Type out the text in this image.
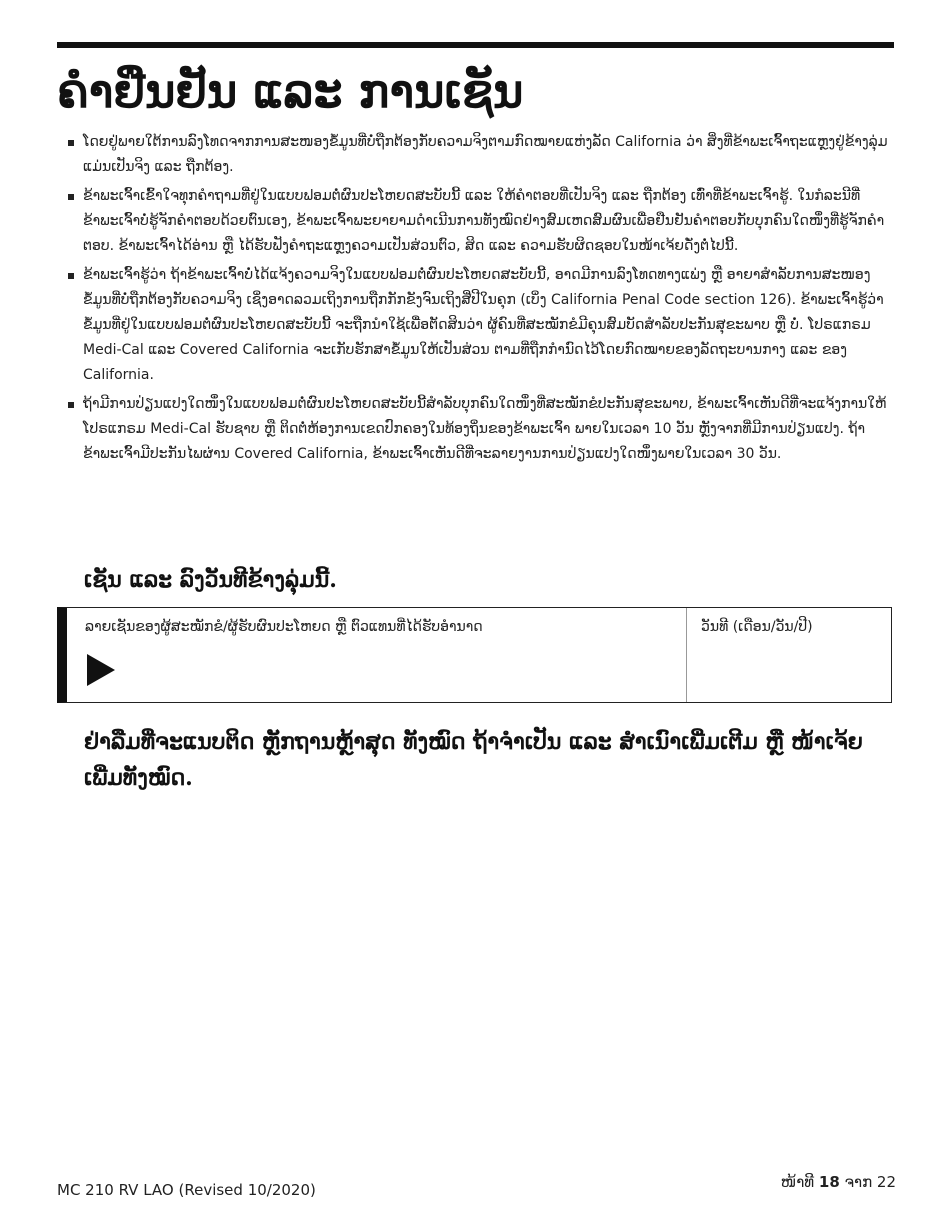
ຄຳຢືນຢັນ ແລະ ການເຊັນ
ໂດຍຢູ່ພາຍໃຕ້ການລົງໂທດຈາກການສະໜອງຂໍ້ມູນທີ່ບໍ່ຖືກຕ້ອງກັບຄວາມຈິງຕາມກົດໝາຍແຫ່ງລັດ California ວ່າ ສິ່ງທີ່ຂ້າພະເຈົ້າຖະແຫຼງຢູ່ຂ້າງລຸ່ມແມ່ນເປັນຈິງ ແລະ ຖືກຕ້ອງ.
ຂ້າພະເຈົ້າເຂົ້າໃຈທຸກຄຳຖາມທີ່ຢູ່ໃນແບບຟອມຕໍ່ຜົນປະໂຫຍດສະບັບນີ້ ແລະ ໃຫ້ຄຳຕອບທີ່ເປັນຈິງ ແລະ ຖືກຕ້ອງ ເທົ່າທີ່ຂ້າພະເຈົ້າຮູ້. ໃນກໍລະນີທີ່ຂ້າພະເຈົ້າບໍ່ຮູ້ຈັກຄຳຕອບດ້ວຍຕົນເອງ, ຂ້າພະເຈົ້າພະຍາຍາມດຳເນີນການທັງໝົດຢ່າງສົມເຫດສົມຜົນເພື່ອຢືນຢັນຄຳຕອບກັບບຸກຄົນໃດໜຶ່ງທີ່ຮູ້ຈັກຄຳຕອບ. ຂ້າພະເຈົ້າໄດ້ອ່ານ ຫຼື ໄດ້ຮັບຟັງຄຳຖະແຫຼງຄວາມເປັນສ່ວນຕົວ, ສິດ ແລະ ຄວາມຮັບຜິດຊອບໃນໜ້າເຈ້ຍດັ່ງຕໍ່ໄປນີ້.
ຂ້າພະເຈົ້າຮູ້ວ່າ ຖ້າຂ້າພະເຈົ້າບໍ່ໄດ້ແຈ້ງຄວາມຈິງໃນແບບຟອມຕໍ່ຜົນປະໂຫຍດສະບັບນີ້, ອາດມີການລົງໂທດທາງແພ່ງ ຫຼື ອາຍາສຳລັບການສະໜອງຂໍ້ມູນທີ່ບໍ່ຖືກຕ້ອງກັບຄວາມຈິງ ເຊິ່ງອາດລວມເຖິງການຖືກກັກຂັງຈົນເຖິງສີ່ປີໃນຄຸກ (ເບິ່ງ California Penal Code section 126). ຂ້າພະເຈົ້າຮູ້ວ່າ ຂໍ້ມູນທີ່ຢູ່ໃນແບບຟອມຕໍ່ຜົນປະໂຫຍດສະບັບນີ້ ຈະຖືກນຳໃຊ້ເພື່ອຕັດສິນວ່າ ຜູ້ຄົນທີ່ສະໝັກຂໍມີຄຸນສົມບັດສຳລັບປະກັນສຸຂະພາບ ຫຼື ບໍ່. ໂປຣແກຣມ Medi-Cal ແລະ Covered California ຈະເກັບຮັກສາຂໍ້ມູນໃຫ້ເປັນສ່ວນ ຕາມທີ່ຖືກກຳນົດໄວ້ໂດຍກົດໝາຍຂອງລັດຖະບານກາງ ແລະ ຂອງ California.
ຖ້າມີການປ່ຽນແປງໃດໜຶ່ງໃນແບບຟອມຕໍ່ຜົນປະໂຫຍດສະບັບນີ້ສຳລັບບຸກຄົນໃດໜຶ່ງທີ່ສະໝັກຂໍປະກັນສຸຂະພາບ, ຂ້າພະເຈົ້າເຫັນດີທີ່ຈະແຈ້ງການໃຫ້ໂປຣແກຣມ Medi-Cal ຮັບຊາບ ຫຼື ຕິດຕໍ່ຫ້ອງການເຂດປົກຄອງໃນທ້ອງຖິ່ນຂອງຂ້າພະເຈົ້າ ພາຍໃນເວລາ 10 ວັນ ຫຼັງຈາກທີ່ມີການປ່ຽນແປງ. ຖ້າຂ້າພະເຈົ້າມີປະກັນໄພຜ່ານ Covered California, ຂ້າພະເຈົ້າເຫັນດີທີ່ຈະລາຍງານການປ່ຽນແປງໃດໜຶ່ງພາຍໃນເວລາ 30 ວັນ.
ເຊັນ ແລະ ລົງວັນທີຂ້າງລຸ່ມນີ້.
ລາຍເຊັນຂອງຜູ້ສະໝັກຂໍ/ຜູ້ຮັບຜົນປະໂຫຍດ ຫຼື ຕົວແທນທີ່ໄດ້ຮັບອຳນາດ	ວັນທີ (ເດືອນ/ວັນ/ປີ)

ຢ່າລືມທີ່ຈະແນບຕິດ ຫຼັກຖານຫຼ້າສຸດ ທັງໝົດ ຖ້າຈຳເປັນ ແລະ ສຳເນົາເພີ່ມເຕີມ ຫຼື ໜ້າເຈ້ຍເພີ່ມທັງໝົດ.

MC 210 RV LAO (Revised 10/2020)	ໜ້າທີ 18 ຈາກ 22
